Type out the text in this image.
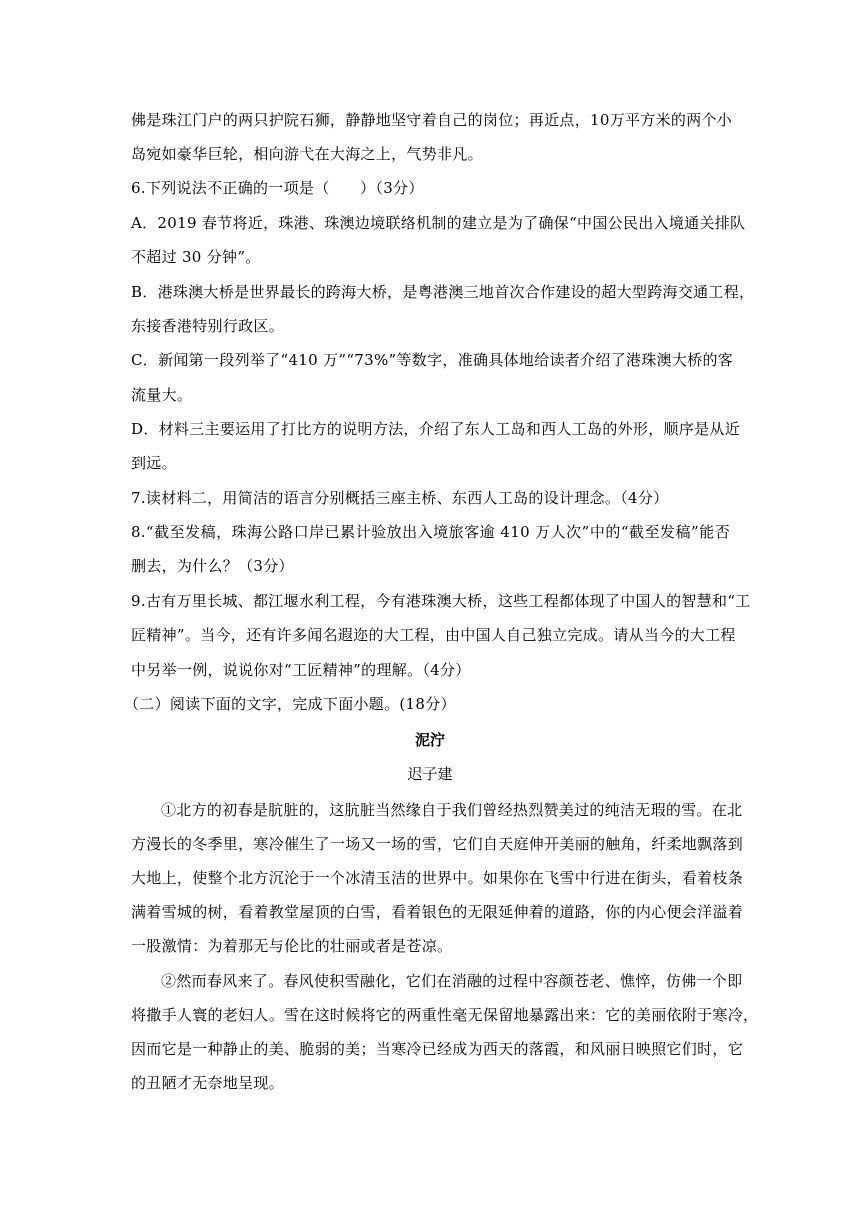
佛是珠江门户的两只护院石狮，静静地坚守着自己的岗位；再近点，10万平方米的两个小
岛宛如豪华巨轮，相向游弋在大海之上，气势非凡。
6.下列说法不正确的一项是（　　）（3分）
A．2019 春节将近，珠港、珠澳边境联络机制的建立是为了确保“中国公民出入境通关排队
不超过 30 分钟”。
B．港珠澳大桥是世界最长的跨海大桥，是粤港澳三地首次合作建设的超大型跨海交通工程，
东接香港特别行政区。
C．新闻第一段列举了“410 万”“73%”等数字，准确具体地给读者介绍了港珠澳大桥的客
流量大。
D．材料三主要运用了打比方的说明方法，介绍了东人工岛和西人工岛的外形，顺序是从近
到远。
7.读材料二，用简洁的语言分别概括三座主桥、东西人工岛的设计理念。（4分）
8.“截至发稿，珠海公路口岸已累计验放出入境旅客逾 410 万人次”中的“截至发稿”能否
删去，为什么？（3分）
9.古有万里长城、都江堰水利工程，今有港珠澳大桥，这些工程都体现了中国人的智慧和“工
匠精神”。当今，还有许多闻名遐迩的大工程，由中国人自己独立完成。请从当今的大工程
中另举一例，说说你对“工匠精神”的理解。（4分）
（二）阅读下面的文字，完成下面小题。(18分）
泥泞
迟子建
①北方的初春是肮脏的，这肮脏当然缘自于我们曾经热烈赞美过的纯洁无瑕的雪。在北
方漫长的冬季里，寒冷催生了一场又一场的雪，它们自天庭伸开美丽的触角，纤柔地飘落到
大地上，使整个北方沉沦于一个冰清玉洁的世界中。如果你在飞雪中行进在街头，看着枝条
满着雪城的树，看着教堂屋顶的白雪，看着银色的无限延伸着的道路，你的内心便会洋溢着
一股激情：为着那无与伦比的壮丽或者是苍凉。
②然而春风来了。春风使积雪融化，它们在消融的过程中容颜苍老、憔悴，仿佛一个即
将撒手人寰的老妇人。雪在这时候将它的两重性毫无保留地暴露出来：它的美丽依附于寒冷，
因而它是一种静止的美、脆弱的美；当寒冷已经成为西天的落霞，和风丽日映照它们时，它
的丑陋才无奈地呈现。
